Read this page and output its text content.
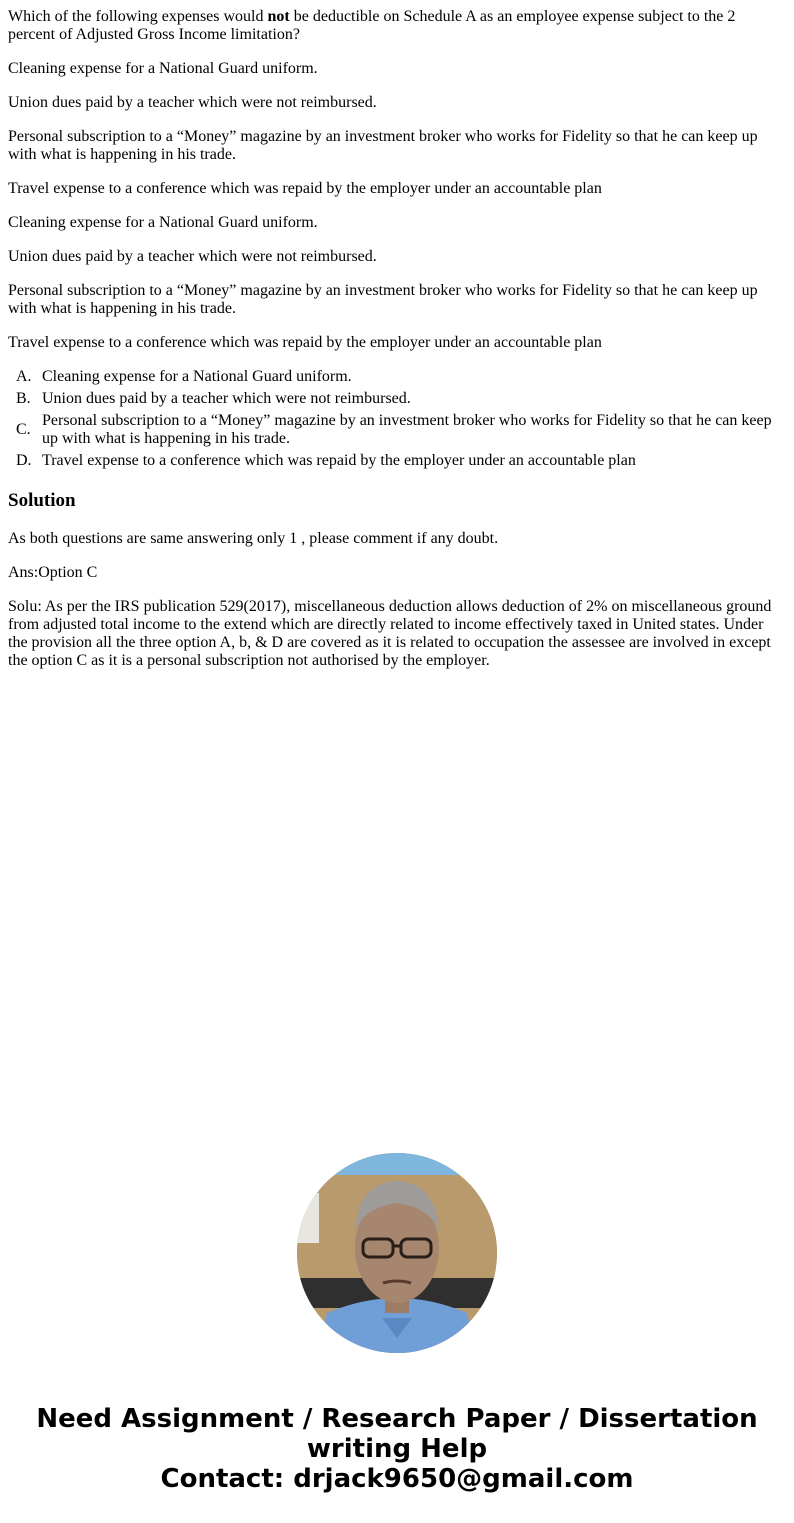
Which of the following expenses would not be deductible on Schedule A as an employee expense subject to the 2 percent of Adjusted Gross Income limitation?

Cleaning expense for a National Guard uniform.

Union dues paid by a teacher which were not reimbursed.

Personal subscription to a “Money” magazine by an investment broker who works for Fidelity so that he can keep up with what is happening in his trade.

Travel expense to a conference which was repaid by the employer under an accountable plan

Cleaning expense for a National Guard uniform.

Union dues paid by a teacher which were not reimbursed.

Personal subscription to a “Money” magazine by an investment broker who works for Fidelity so that he can keep up with what is happening in his trade.

Travel expense to a conference which was repaid by the employer under an accountable plan

A. Cleaning expense for a National Guard uniform.
B. Union dues paid by a teacher which were not reimbursed.
C.
Personal subscription to a “Money” magazine by an investment broker who works for Fidelity so that he can keep up with what is happening in his trade.
D. Travel expense to a conference which was repaid by the employer under an accountable plan
Solution

As both questions are same answering only 1 , please comment if any doubt.

Ans:Option C

Solu: As per the IRS publication 529(2017), miscellaneous deduction allows deduction of 2% on miscellaneous ground from adjusted total income to the extend which are directly related to income effectively taxed in United states. Under the provision all the three option A, b, & D are covered as it is related to occupation the assessee are involved in except the option C as it is a personal subscription not authorised by the employer.

Need Assignment / Research Paper / Dissertation
writing Help
Contact: drjack9650@gmail.com
